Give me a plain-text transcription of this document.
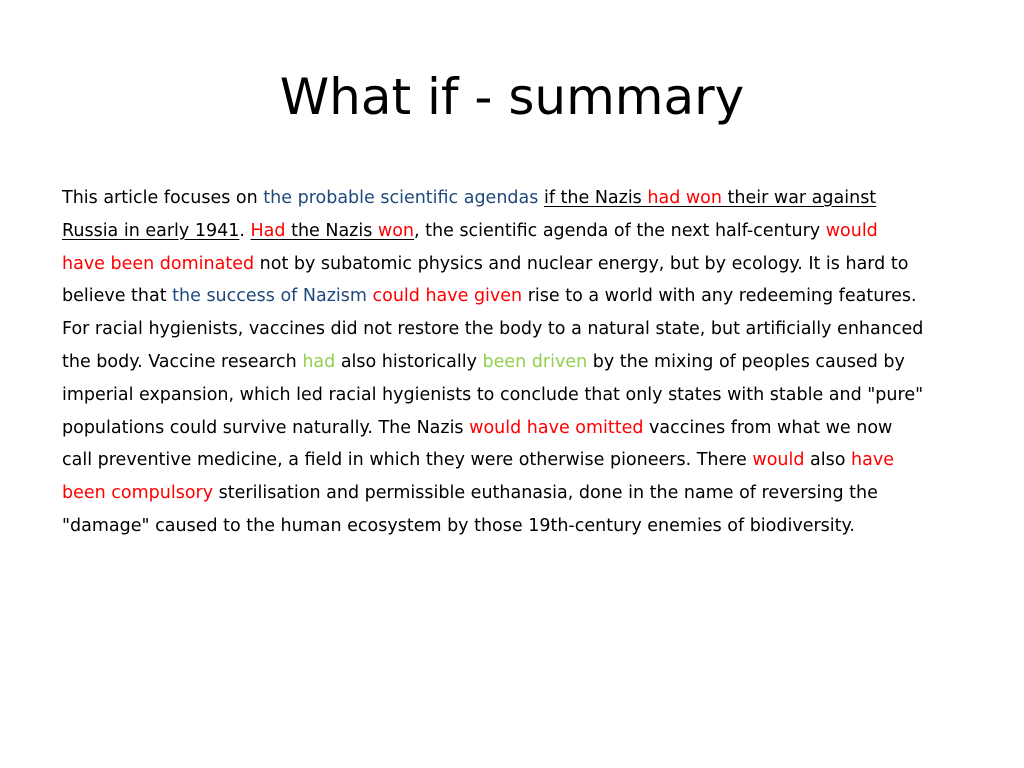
What if - summary
This article focuses on the probable scientific agendas if the Nazis had won their war against Russia in early 1941. Had the Nazis won, the scientific agenda of the next half-century would have been dominated not by subatomic physics and nuclear energy, but by ecology. It is hard to believe that the success of Nazism could have given rise to a world with any redeeming features. For racial hygienists, vaccines did not restore the body to a natural state, but artificially enhanced the body. Vaccine research had also historically been driven by the mixing of peoples caused by imperial expansion, which led racial hygienists to conclude that only states with stable and "pure" populations could survive naturally. The Nazis would have omitted vaccines from what we now call preventive medicine, a field in which they were otherwise pioneers. There would also have been compulsory sterilisation and permissible euthanasia, done in the name of reversing the "damage" caused to the human ecosystem by those 19th-century enemies of biodiversity.
